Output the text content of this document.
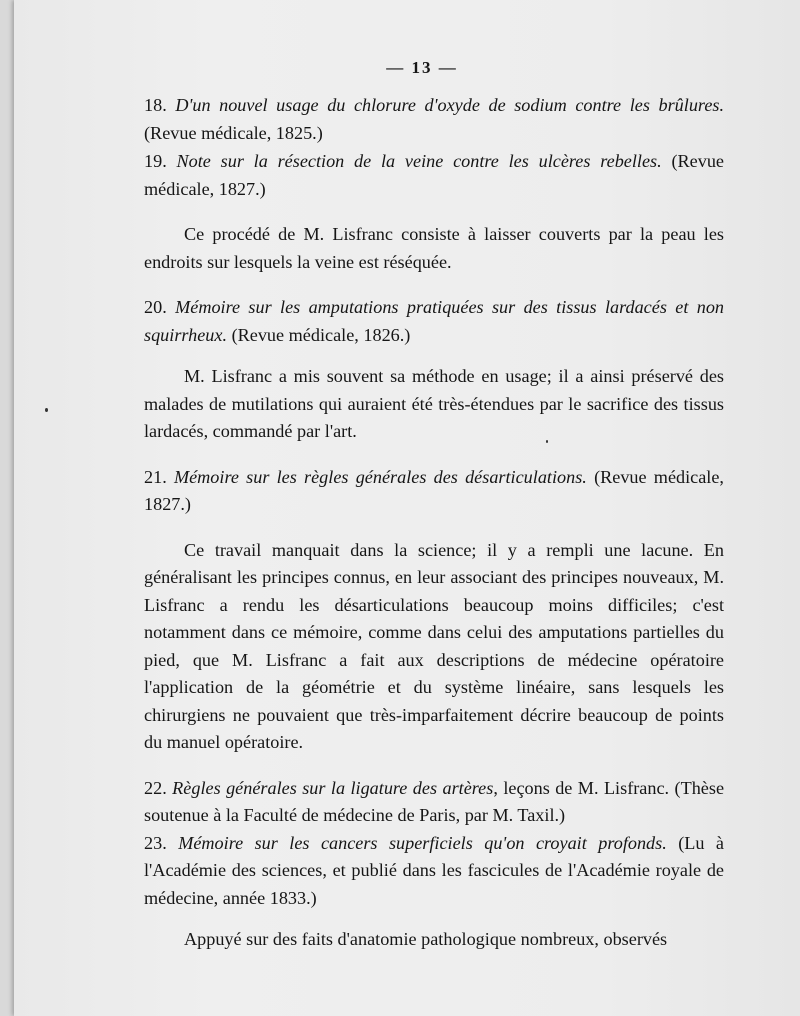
— 13 —
18. D'un nouvel usage du chlorure d'oxyde de sodium contre les brûlures. (Revue médicale, 1825.)
19. Note sur la résection de la veine contre les ulcères rebelles. (Revue médicale, 1827.)

Ce procédé de M. Lisfranc consiste à laisser couverts par la peau les endroits sur lesquels la veine est réséquée.

20. Mémoire sur les amputations pratiquées sur des tissus lardacés et non squirrheux. (Revue médicale, 1826.)

M. Lisfranc a mis souvent sa méthode en usage; il a ainsi préservé des malades de mutilations qui auraient été très-étendues par le sacrifice des tissus lardacés, commandé par l'art.

21. Mémoire sur les règles générales des désarticulations. (Revue médicale, 1827.)

Ce travail manquait dans la science; il y a rempli une lacune. En généralisant les principes connus, en leur associant des principes nouveaux, M. Lisfranc a rendu les désarticulations beaucoup moins difficiles; c'est notamment dans ce mémoire, comme dans celui des amputations partielles du pied, que M. Lisfranc a fait aux descriptions de médecine opératoire l'application de la géométrie et du système linéaire, sans lesquels les chirurgiens ne pouvaient que très-imparfaitement décrire beaucoup de points du manuel opératoire.

22. Règles générales sur la ligature des artères, leçons de M. Lisfranc. (Thèse soutenue à la Faculté de médecine de Paris, par M. Taxil.)
23. Mémoire sur les cancers superficiels qu'on croyait profonds. (Lu à l'Académie des sciences, et publié dans les fascicules de l'Académie royale de médecine, année 1833.)

Appuyé sur des faits d'anatomie pathologique nombreux, observés
